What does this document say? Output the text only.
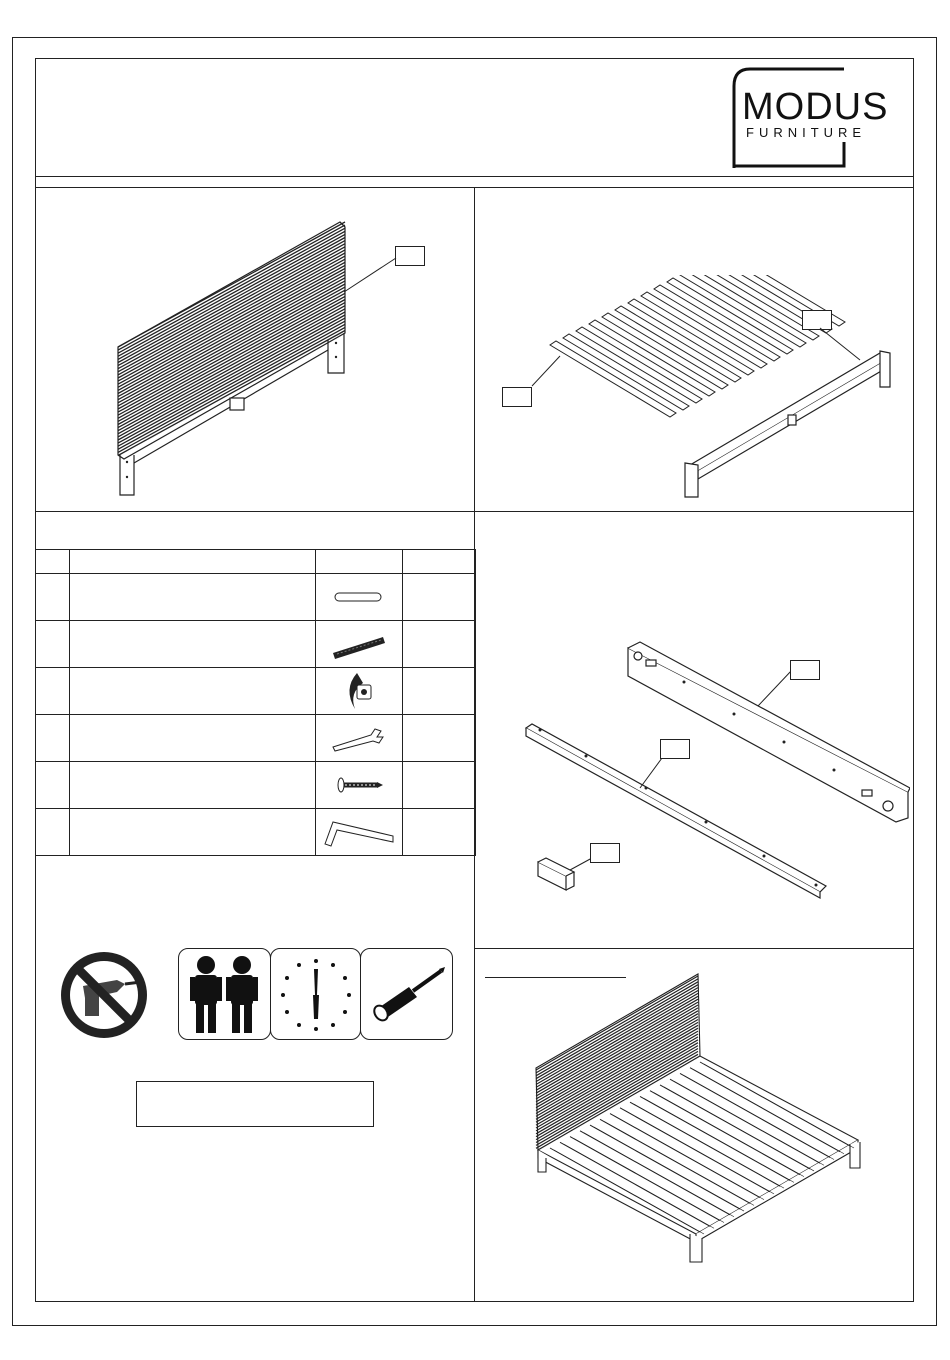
MODUS
FURNITURE
